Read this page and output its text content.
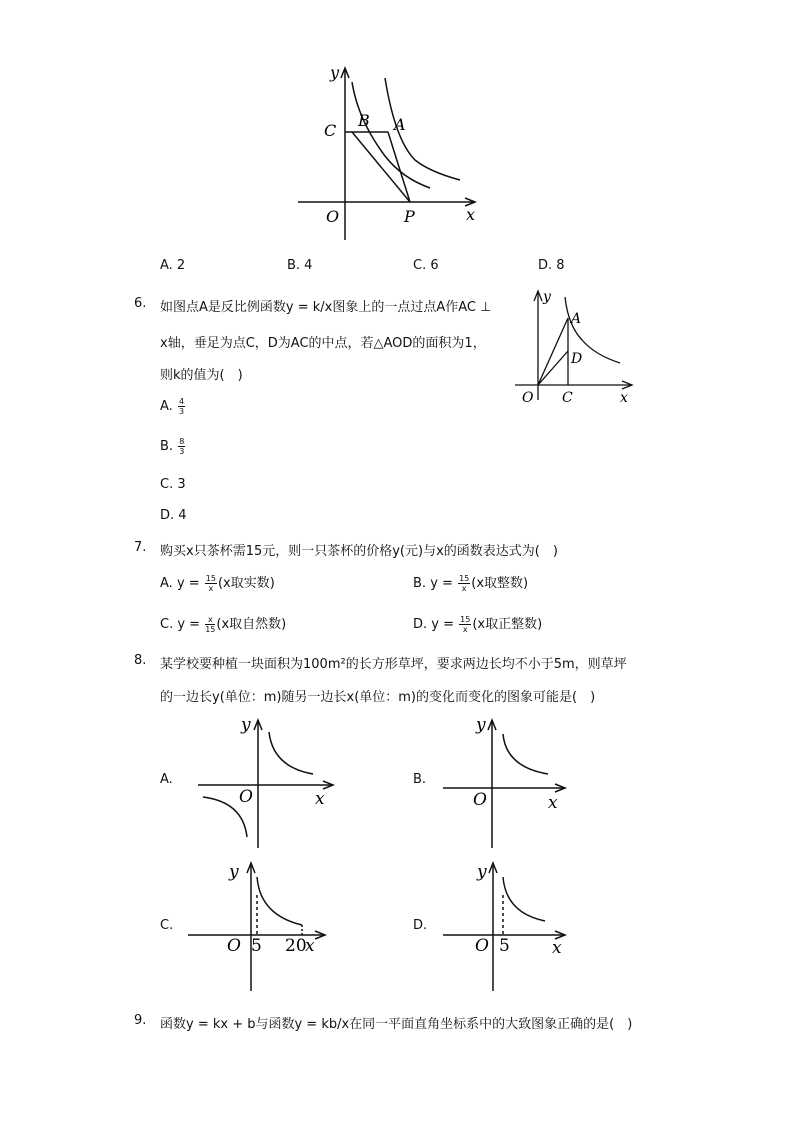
y
C
B A
O	P	x
A. 2	B. 4	C. 6	D. 8
6. 如图点A是反比例函数y = k/x图象上的一点过点A作AC ⊥
x轴，垂足为点C，D为AC的中点，若△AOD的面积为1，
则k的值为(　)
A. $\frac{4}{3}$
B. $\frac{8}{3}$
C. 3
D. 4
y
A
D
O C	x
7. 购买x只茶杯需15元，则一只茶杯的价格y(元)与x的函数表达式为(　)
A. $y = \frac{15}{x} (x$取实数)	B. $y = \frac{15}{x} (x$取整数)
C. $y = \frac{x}{15} (x$取自然数)	D. $y = \frac{15}{x} (x$取正整数)
8. 某学校要种植一块面积为100m²的长方形草坪，要求两边长均不小于5m，则草坪
的一边长y(单位：m)随另一边长x(单位：m)的变化而变化的图象可能是(　)
A.	B.
C.	D.
y
O	x
y
O	x
y
O 5 20
x
y
O 5 x
9. 函数y = kx + b与函数y = kb/x在同一平面直角坐标系中的大致图象正确的是(　)
